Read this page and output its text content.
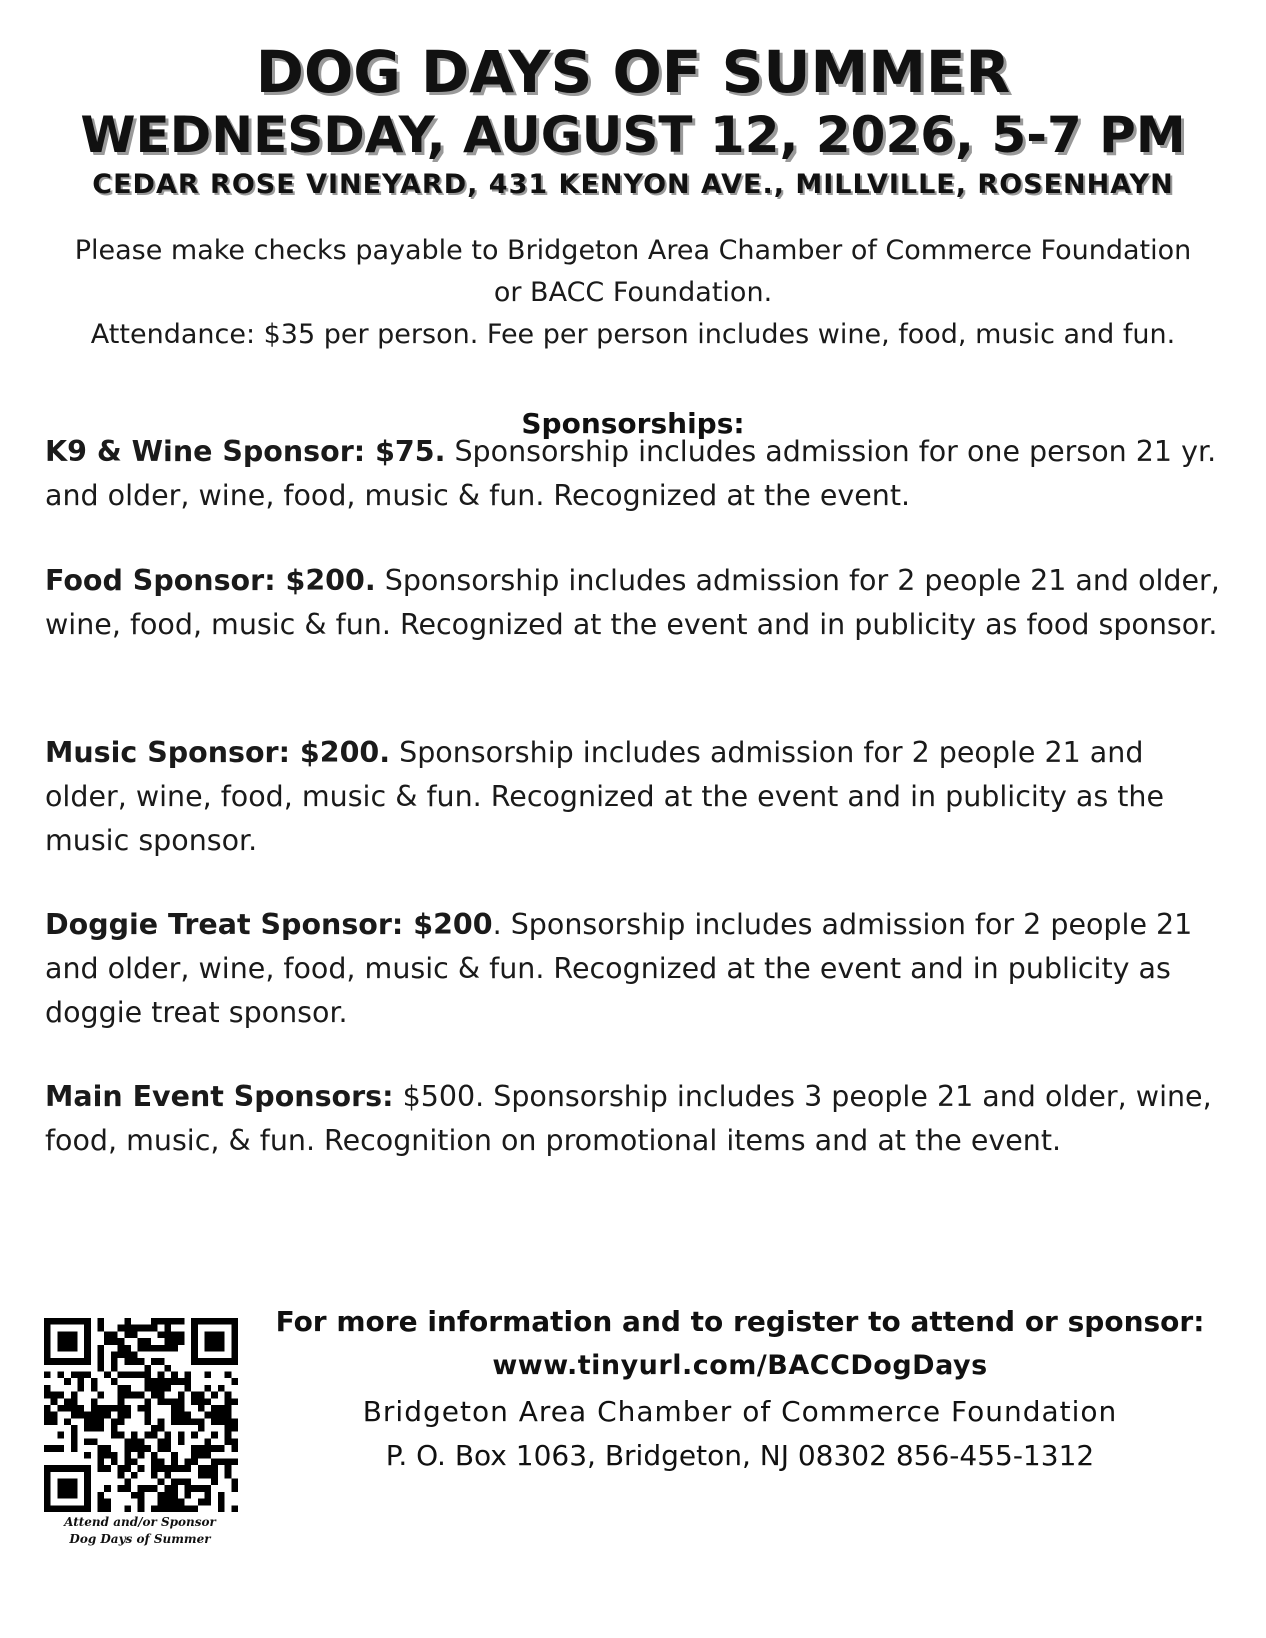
DOG DAYS OF SUMMER
WEDNESDAY, AUGUST 12, 2026, 5-7 PM
CEDAR ROSE VINEYARD, 431 KENYON AVE., MILLVILLE, ROSENHAYN
Please make checks payable to Bridgeton Area Chamber of Commerce Foundation or BACC Foundation.
Attendance: $35 per person. Fee per person includes wine, food, music and fun.
Sponsorships:
K9 & Wine Sponsor: $75. Sponsorship includes admission for one person 21 yr. and older, wine, food, music & fun. Recognized at the event.
Food Sponsor: $200. Sponsorship includes admission for 2 people 21 and older, wine, food, music & fun. Recognized at the event and in publicity as food sponsor.
Music Sponsor: $200. Sponsorship includes admission for 2 people 21 and older, wine, food, music & fun. Recognized at the event and in publicity as the music sponsor.
Doggie Treat Sponsor: $200. Sponsorship includes admission for 2 people 21 and older, wine, food, music & fun. Recognized at the event and in publicity as doggie treat sponsor.
Main Event Sponsors: $500. Sponsorship includes 3 people 21 and older, wine, food, music, & fun. Recognition on promotional items and at the event.
Attend and/or Sponsor
Dog Days of Summer
For more information and to register to attend or sponsor:
www.tinyurl.com/BACCDogDays
Bridgeton Area Chamber of Commerce Foundation
P. O. Box 1063, Bridgeton, NJ 08302 856-455-1312
